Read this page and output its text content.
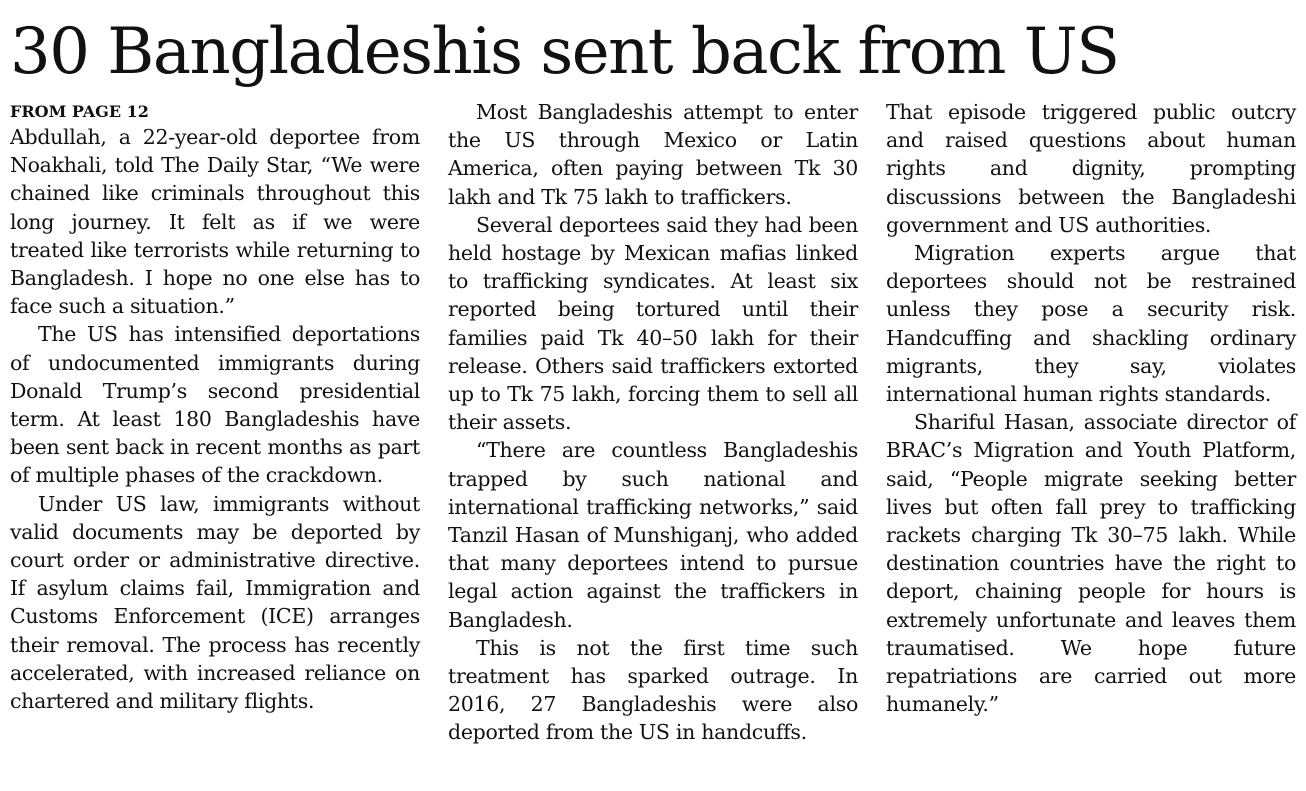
30 Bangladeshis sent back from US
FROM PAGE 12

Abdullah, a 22-year-old deportee from Noakhali, told The Daily Star, “We were chained like criminals throughout this long journey. It felt as if we were treated like terrorists while returning to Bangladesh. I hope no one else has to face such a situation.”

The US has intensified deportations of undocumented immigrants during Donald Trump’s second presidential term. At least 180 Bangladeshis have been sent back in recent months as part of multiple phases of the crackdown.

Under US law, immigrants without valid documents may be deported by court order or administrative directive. If asylum claims fail, Immigration and Customs Enforcement (ICE) arranges their removal. The process has recently accelerated, with increased reliance on chartered and military flights.

Most Bangladeshis attempt to enter the US through Mexico or Latin America, often paying between Tk 30 lakh and Tk 75 lakh to traffickers.

Several deportees said they had been held hostage by Mexican mafias linked to trafficking syndicates. At least six reported being tortured until their families paid Tk 40–50 lakh for their release. Others said traffickers extorted up to Tk 75 lakh, forcing them to sell all their assets.

“There are countless Bangladeshis trapped by such national and international trafficking networks,” said Tanzil Hasan of Munshiganj, who added that many deportees intend to pursue legal action against the traffickers in Bangladesh.

This is not the first time such treatment has sparked outrage. In 2016, 27 Bangladeshis were also deported from the US in handcuffs.

That episode triggered public outcry and raised questions about human rights and dignity, prompting discussions between the Bangladeshi government and US authorities.

Migration experts argue that deportees should not be restrained unless they pose a security risk. Handcuffing and shackling ordinary migrants, they say, violates international human rights standards.

Shariful Hasan, associate director of BRAC’s Migration and Youth Platform, said, “People migrate seeking better lives but often fall prey to trafficking rackets charging Tk 30–75 lakh. While destination countries have the right to deport, chaining people for hours is extremely unfortunate and leaves them traumatised. We hope future repatriations are carried out more humanely.”
